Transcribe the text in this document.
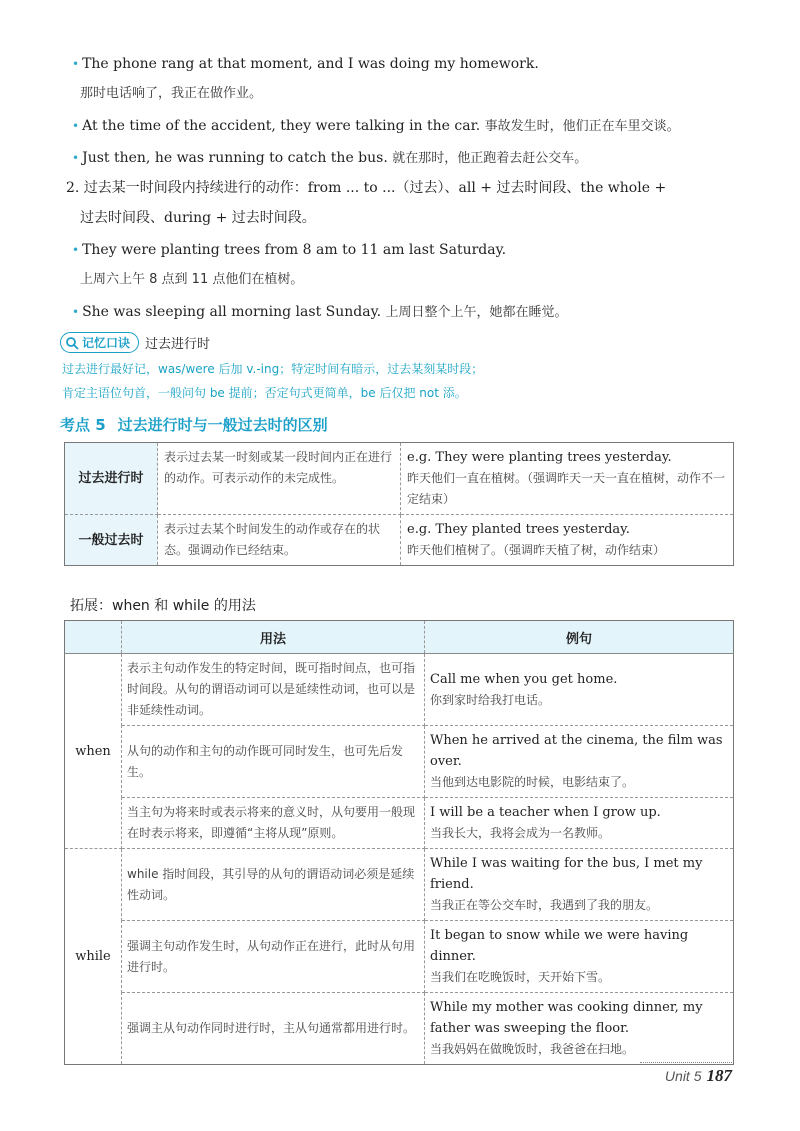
• The phone rang at that moment, and I was doing my homework.
那时电话响了，我正在做作业。
• At the time of the accident, they were talking in the car. 事故发生时，他们正在车里交谈。
• Just then, he was running to catch the bus. 就在那时，他正跑着去赶公交车。
2. 过去某一时间段内持续进行的动作：from ... to ...（过去）、all + 过去时间段、the whole +
过去时间段、during + 过去时间段。
• They were planting trees from 8 am to 11 am last Saturday.
上周六上午 8 点到 11 点他们在植树。
• She was sleeping all morning last Sunday. 上周日整个上午，她都在睡觉。
记忆口诀 过去进行时
过去进行最好记，was/were 后加 v.-ing；特定时间有暗示，过去某刻某时段；
肯定主语位句首，一般问句 be 提前；否定句式更简单，be 后仅把 not 添。
考点 5 过去进行时与一般过去时的区别
过去进行时	表示过去某一时刻或某一段时间内正在进行的动作。可表示动作的未完成性。	e.g. They were planting trees yesterday.
昨天他们一直在植树。（强调昨天一天一直在植树，动作不一定结束）

一般过去时	表示过去某个时间发生的动作或存在的状态。强调动作已经结束。	e.g. They planted trees yesterday.
昨天他们植树了。（强调昨天植了树，动作结束）
拓展：when 和 while 的用法
	用法	例句
when	表示主句动作发生的特定时间，既可指时间点，也可指时间段。从句的谓语动词可以是延续性动词，也可以是非延续性动词。	Call me when you get home.
你到家时给我打电话。

	从句的动作和主句的动作既可同时发生，也可先后发生。	When he arrived at the cinema, the film was over.
当他到达电影院的时候，电影结束了。

	当主句为将来时或表示将来的意义时，从句要用一般现在时表示将来，即遵循“主将从现”原则。	I will be a teacher when I grow up.
当我长大，我将会成为一名教师。

while	while 指时间段，其引导的从句的谓语动词必须是延续性动词。	While I was waiting for the bus, I met my friend.
当我正在等公交车时，我遇到了我的朋友。

	强调主句动作发生时，从句动作正在进行，此时从句用进行时。	It began to snow while we were having dinner.
当我们在吃晚饭时，天开始下雪。

	强调主从句动作同时进行时，主从句通常都用进行时。	While my mother was cooking dinner, my father was sweeping the floor.
当我妈妈在做晚饭时，我爸爸在扫地。
Unit 5 187
